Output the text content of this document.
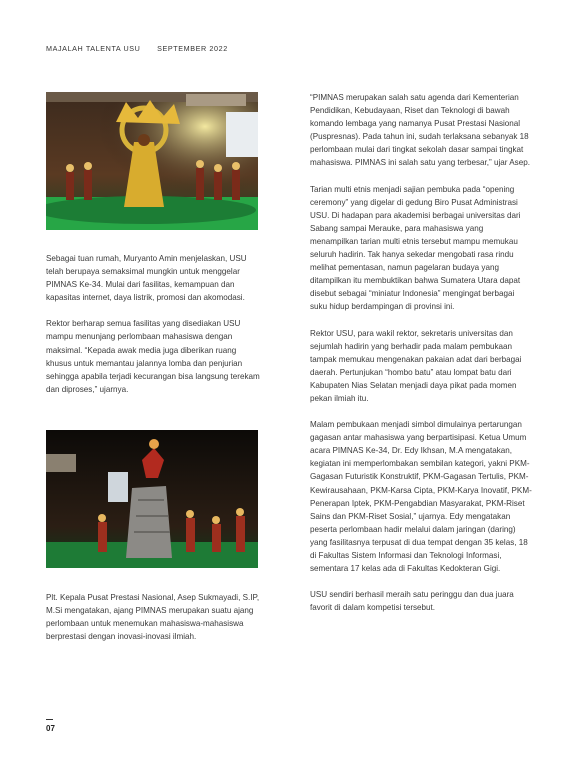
MAJALAH TALENTA USU SEPTEMBER 2022

Sebagai tuan rumah, Muryanto Amin menjelaskan, USU telah berupaya semaksimal mungkin untuk menggelar PIMNAS Ke-34. Mulai dari fasilitas, kemampuan dan kapasitas internet, daya listrik, promosi dan akomodasi.

Rektor berharap semua fasilitas yang disediakan USU mampu menunjang perlombaan mahasiswa dengan maksimal. “Kepada awak media juga diberikan ruang khusus untuk memantau jalannya lomba dan penjurian sehingga apabila terjadi kecurangan bisa langsung terekam dan diproses,” ujarnya.

Plt. Kepala Pusat Prestasi Nasional, Asep Sukmayadi, S.IP, M.Si mengatakan, ajang PIMNAS merupakan suatu ajang perlombaan untuk menemukan mahasiswa-mahasiswa berprestasi dengan inovasi-inovasi ilmiah.

“PIMNAS merupakan salah satu agenda dari Kementerian Pendidikan, Kebudayaan, Riset dan Teknologi di bawah komando lembaga yang namanya Pusat Prestasi Nasional (Puspresnas). Pada tahun ini, sudah terlaksana sebanyak 18 perlombaan mulai dari tingkat sekolah dasar sampai tingkat mahasiswa. PIMNAS ini salah satu yang terbesar,” ujar Asep.

Tarian multi etnis menjadi sajian pembuka pada “opening ceremony” yang digelar di gedung Biro Pusat Administrasi USU. Di hadapan para akademisi berbagai universitas dari Sabang sampai Merauke, para mahasiswa yang menampilkan tarian multi etnis tersebut mampu memukau seluruh hadirin. Tak hanya sekedar mengobati rasa rindu melihat pementasan, namun pagelaran budaya yang ditampilkan itu membuktikan bahwa Sumatera Utara dapat disebut sebagai “miniatur Indonesia” mengingat berbagai suku hidup berdampingan di provinsi ini.

Rektor USU, para wakil rektor, sekretaris universitas dan sejumlah hadirin yang berhadir pada malam pembukaan tampak memukau mengenakan pakaian adat dari berbagai daerah. Pertunjukan “hombo batu” atau lompat batu dari Kabupaten Nias Selatan menjadi daya pikat pada momen pekan ilmiah itu.

Malam pembukaan menjadi simbol dimulainya pertarungan gagasan antar mahasiswa yang berpartisipasi. Ketua Umum acara PIMNAS Ke-34, Dr. Edy Ikhsan, M.A mengatakan, kegiatan ini memperlombakan sembilan kategori, yakni PKM-Gagasan Futuristik Konstruktif, PKM-Gagasan Tertulis, PKM-Kewirausahaan, PKM-Karsa Cipta, PKM-Karya Inovatif, PKM-Penerapan Iptek, PKM-Pengabdian Masyarakat, PKM-Riset Sains dan PKM-Riset Sosial,” ujarnya. Edy mengatakan peserta perlombaan hadir melalui dalam jaringan (daring) yang fasilitasnya terpusat di dua tempat dengan 35 kelas, 18 di Fakultas Sistem Informasi dan Teknologi Informasi, sementara 17 kelas ada di Fakultas Kedokteran Gigi.

USU sendiri berhasil meraih satu peringgu dan dua juara favorit di dalam kompetisi tersebut.

07
